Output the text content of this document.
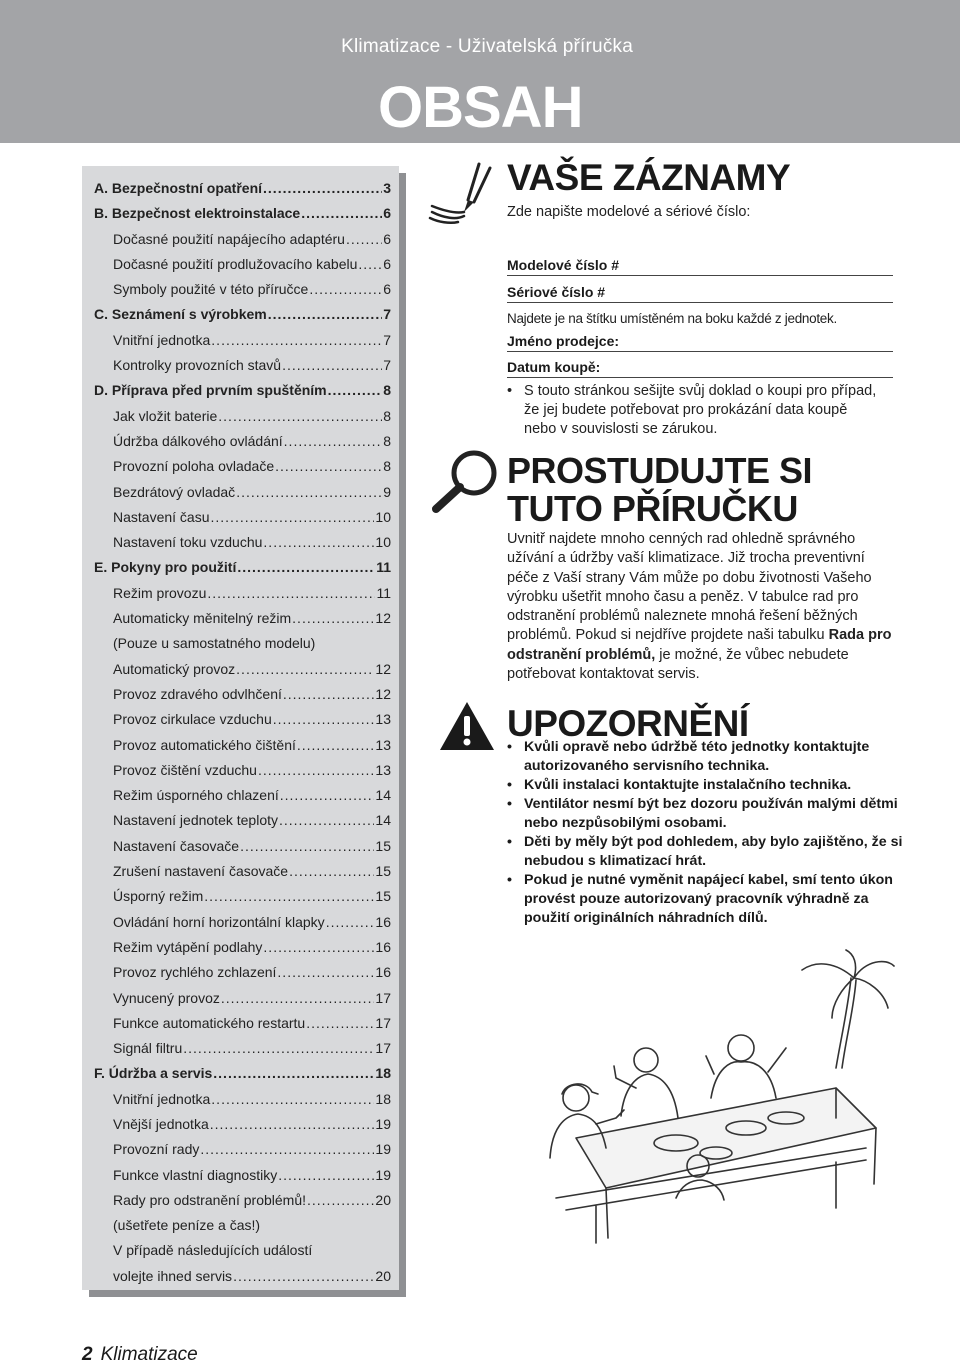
Klimatizace - Uživatelská příručka
OBSAH
A. Bezpečnostní opatření .....	3
B. Bezpečnost elektroinstalace .....	6
Dočasné použití napájecího adaptéru .....	6
Dočasné použití prodlužovacího kabelu ..... 6
Symboly použité v této příručce .....	6
C. Seznámení s výrobkem .....	7
Vnitřní jednotka .....	7
Kontrolky provozních stavů .....	7
D. Příprava před prvním spuštěním .....	8
Jak vložit baterie .....	8
Údržba dálkového ovládání .....	8
Provozní poloha ovladače .....	8
Bezdrátový ovladač .....	9
Nastavení času .....	10
Nastavení toku vzduchu .....	10
E. Pokyny pro použití .....	11
Režim provozu .....	11
Automaticky měnitelný režim .....	12
(Pouze u samostatného modelu)
Automatický provoz .....	12
Provoz zdravého odvlhčení .....	12
Provoz cirkulace vzduchu .....	13
Provoz automatického čištění .....	13
Provoz čištění vzduchu .....	13
Režim úsporného chlazení .....	14
Nastavení jednotek teploty .....	14
Nastavení časovače .....	15
Zrušení nastavení časovače .....	15
Úsporný režim .....	15
Ovládání horní horizontální klapky .....	16
Režim vytápění podlahy .....	16
Provoz rychlého zchlazení .....	16
Vynucený provoz .....	17
Funkce automatického restartu .....	17
Signál filtru .....	17
F. Údržba a servis .....	18
Vnitřní jednotka .....	18
Vnější jednotka .....	19
Provozní rady .....	19
Funkce vlastní diagnostiky .....	19
Rady pro odstranění problémů! .....	20
(ušetřete peníze a čas!)
V případě následujících událostí
volejte ihned servis .....	20
VAŠE ZÁZNAMY
Zde napište modelové a sériové číslo:
Modelové číslo #
Sériové číslo #
Najdete je na štítku umístěném na boku každé z jednotek.
Jméno prodejce:
Datum koupě:

• S touto stránkou sešijte svůj doklad o koupi pro případ, že jej budete potřebovat pro prokázání data koupě nebo v souvislosti se zárukou.

PROSTUDUJTE SI
TUTO PŘÍRUČKU
Uvnitř najdete mnoho cenných rad ohledně správného užívání a údržby vaší klimatizace. Již trocha preventivní péče z Vaší strany Vám může po dobu životnosti Vašeho výrobku ušetřit mnoho času a peněz. V tabulce rad pro odstranění problémů naleznete mnohá řešení běžných problémů. Pokud si nejdříve projdete naši tabulku Rada pro odstranění problémů, je možné, že vůbec nebudete potřebovat kontaktovat servis.
UPOZORNĚNÍ

• Kvůli opravě nebo údržbě této jednotky kontaktujte autorizovaného servisního technika.

• Kvůli instalaci kontaktujte instalačního technika.

• Ventilátor nesmí být bez dozoru používán malými dětmi nebo nezpůsobilými osobami.

• Děti by měly být pod dohledem, aby bylo zajištěno, že si nebudou s klimatizací hrát.

• Pokud je nutné vyměnit napájecí kabel, smí tento úkon provést pouze autorizovaný pracovník výhradně za použití originálních náhradních dílů.

2 Klimatizace
